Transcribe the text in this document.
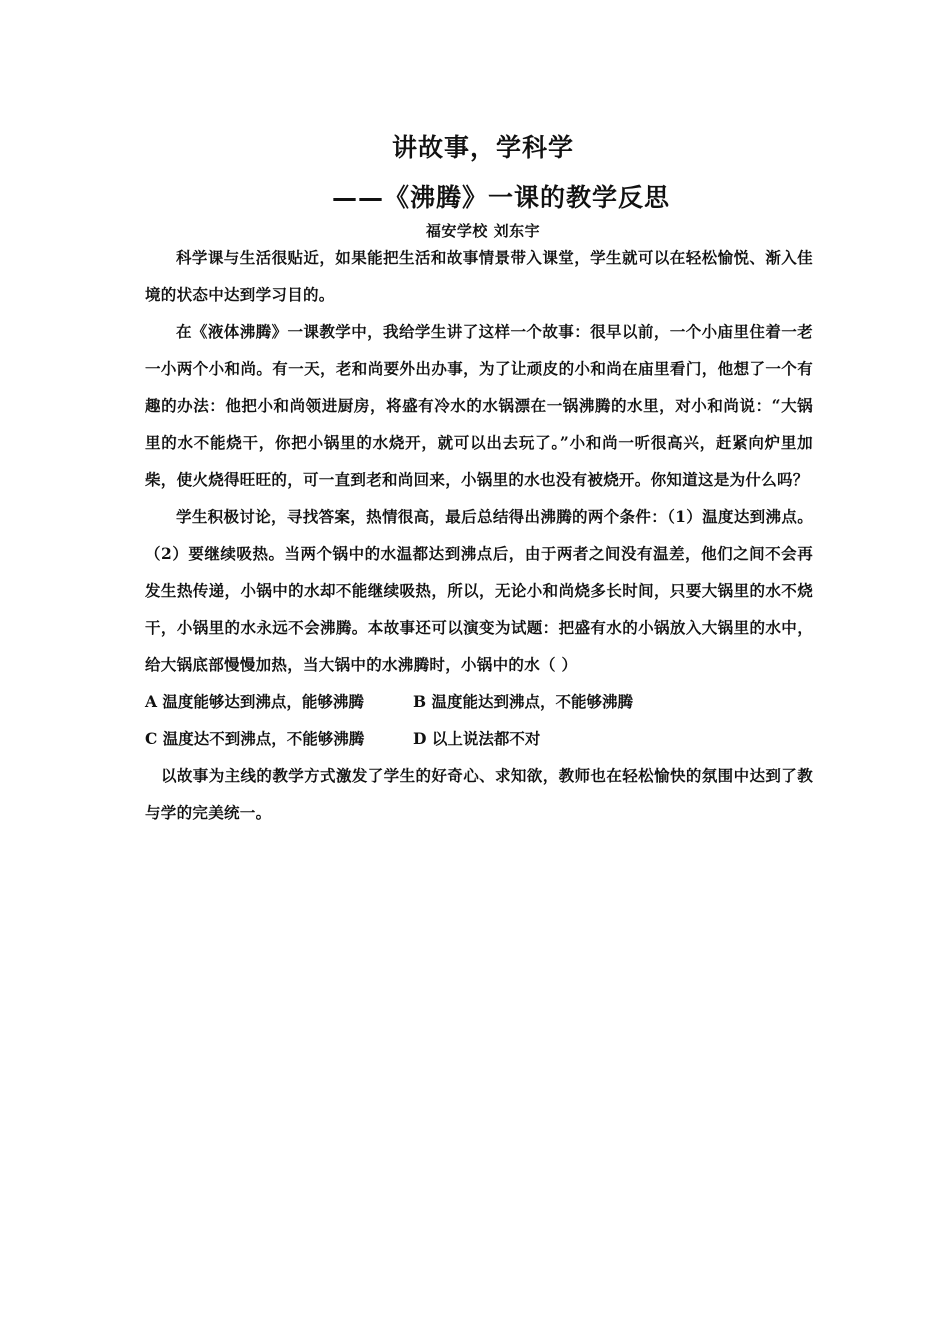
讲故事，学科学
——《沸腾》一课的教学反思
福安学校 刘东宇

科学课与生活很贴近，如果能把生活和故事情景带入课堂，学生就可以在轻松愉悦、渐入佳境的状态中达到学习目的。

在《液体沸腾》一课教学中，我给学生讲了这样一个故事：很早以前，一个小庙里住着一老一小两个小和尚。有一天，老和尚要外出办事，为了让顽皮的小和尚在庙里看门，他想了一个有趣的办法：他把小和尚领进厨房，将盛有冷水的水锅漂在一锅沸腾的水里，对小和尚说：“大锅里的水不能烧干，你把小锅里的水烧开，就可以出去玩了。”小和尚一听很高兴，赶紧向炉里加柴，使火烧得旺旺的，可一直到老和尚回来，小锅里的水也没有被烧开。你知道这是为什么吗？

学生积极讨论，寻找答案，热情很高，最后总结得出沸腾的两个条件：（1）温度达到沸点。（2）要继续吸热。当两个锅中的水温都达到沸点后，由于两者之间没有温差，他们之间不会再发生热传递，小锅中的水却不能继续吸热，所以，无论小和尚烧多长时间，只要大锅里的水不烧干，小锅里的水永远不会沸腾。本故事还可以演变为试题：把盛有水的小锅放入大锅里的水中，给大锅底部慢慢加热，当大锅中的水沸腾时，小锅中的水（ ）

A 温度能够达到沸点，能够沸腾	B 温度能达到沸点，不能够沸腾
C 温度达不到沸点，不能够沸腾	D 以上说法都不对

以故事为主线的教学方式激发了学生的好奇心、求知欲，教师也在轻松愉快的氛围中达到了教与学的完美统一。
